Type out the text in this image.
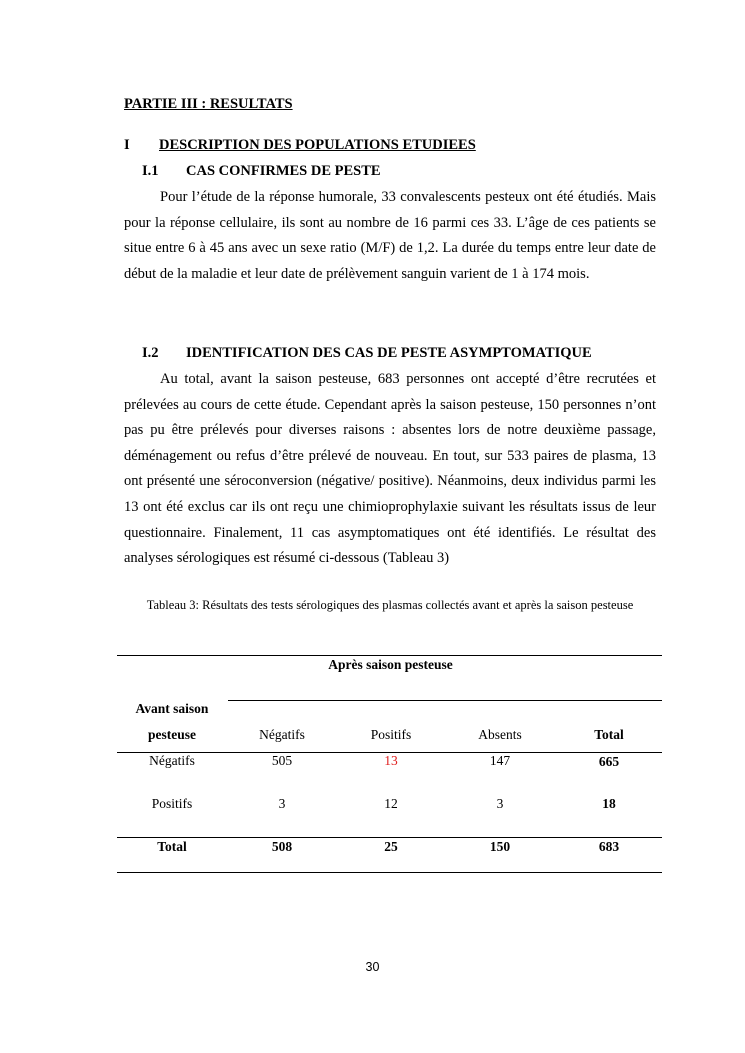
PARTIE III : RESULTATS
I DESCRIPTION DES POPULATIONS ETUDIEES
I.1 CAS CONFIRMES DE PESTE

Pour l’étude de la réponse humorale, 33 convalescents pesteux ont été étudiés. Mais pour la réponse cellulaire, ils sont au nombre de 16 parmi ces 33. L’âge de ces patients se situe entre 6 à 45 ans avec un sexe ratio (M/F) de 1,2. La durée du temps entre leur date de début de la maladie et leur date de prélèvement sanguin varient de 1 à 174 mois.

I.2 IDENTIFICATION DES CAS DE PESTE ASYMPTOMATIQUE

Au total, avant la saison pesteuse, 683 personnes ont accepté d’être recrutées et prélevées au cours de cette étude. Cependant après la saison pesteuse, 150 personnes n’ont pas pu être prélevés pour diverses raisons : absentes lors de notre deuxième passage, déménagement ou refus d’être prélevé de nouveau. En tout, sur 533 paires de plasma, 13 ont présenté une séroconversion (négative/ positive). Néanmoins, deux individus parmi les 13 ont été exclus car ils ont reçu une chimioprophylaxie suivant les résultats issus de leur questionnaire. Finalement, 11 cas asymptomatiques ont été identifiés. Le résultat des analyses sérologiques est résumé ci-dessous (Tableau 3)

Tableau 3: Résultats des tests sérologiques des plasmas collectés avant et après la saison pesteuse
Après saison pesteuse
Avant saison
pesteuse	Négatifs	Positifs	Absents	Total
Négatifs	505	13	147	665
Positifs	3	12	3	18
Total	508	25	150	683
30
